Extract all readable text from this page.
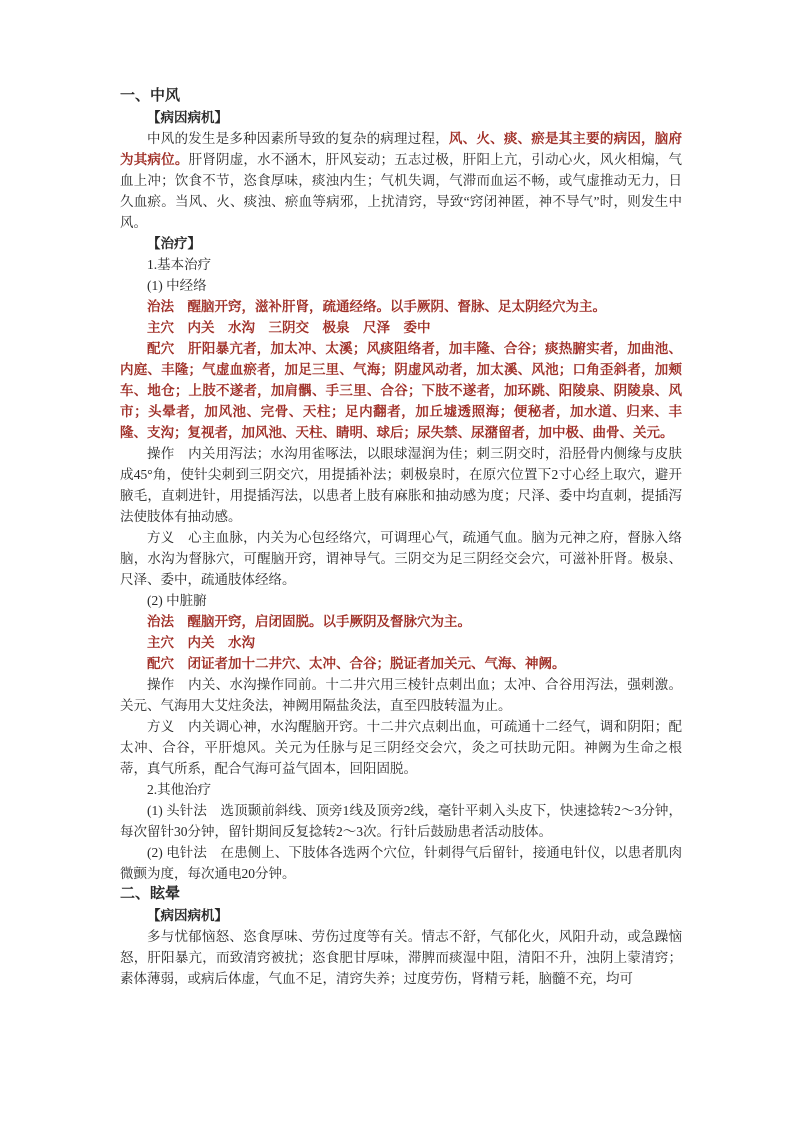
一、中风

【病因病机】

中风的发生是多种因素所导致的复杂的病理过程，风、火、痰、瘀是其主要的病因，脑府为其病位。肝肾阴虚，水不涵木，肝风妄动；五志过极，肝阳上亢，引动心火，风火相煽，气血上冲；饮食不节，恣食厚味，痰浊内生；气机失调，气滞而血运不畅，或气虚推动无力，日久血瘀。当风、火、痰浊、瘀血等病邪，上扰清窍，导致“窍闭神匿，神不导气”时，则发生中风。

【治疗】

1.基本治疗

(1) 中经络

治法　醒脑开窍，滋补肝肾，疏通经络。以手厥阴、督脉、足太阴经穴为主。

主穴　内关　水沟　三阴交　极泉　尺泽　委中

配穴　肝阳暴亢者，加太冲、太溪；风痰阻络者，加丰隆、合谷；痰热腑实者，加曲池、内庭、丰隆；气虚血瘀者，加足三里、气海；阴虚风动者，加太溪、风池；口角歪斜者，加颊车、地仓；上肢不遂者，加肩髃、手三里、合谷；下肢不遂者，加环跳、阳陵泉、阴陵泉、风市；头晕者，加风池、完骨、天柱；足内翻者，加丘墟透照海；便秘者，加水道、归来、丰隆、支沟；复视者，加风池、天柱、睛明、球后；尿失禁、尿潴留者，加中极、曲骨、关元。

操作　内关用泻法；水沟用雀啄法，以眼球湿润为佳；刺三阴交时，沿胫骨内侧缘与皮肤成45°角，使针尖刺到三阴交穴，用提插补法；刺极泉时，在原穴位置下2寸心经上取穴，避开腋毛，直刺进针，用提插泻法，以患者上肢有麻胀和抽动感为度；尺泽、委中均直刺，提插泻法使肢体有抽动感。

方义　心主血脉，内关为心包经络穴，可调理心气，疏通气血。脑为元神之府，督脉入络脑，水沟为督脉穴，可醒脑开窍，谓神导气。三阴交为足三阴经交会穴，可滋补肝肾。极泉、尺泽、委中，疏通肢体经络。

(2) 中脏腑

治法　醒脑开窍，启闭固脱。以手厥阴及督脉穴为主。

主穴　内关　水沟

配穴　闭证者加十二井穴、太冲、合谷；脱证者加关元、气海、神阙。

操作　内关、水沟操作同前。十二井穴用三棱针点刺出血；太冲、合谷用泻法，强刺激。关元、气海用大艾炷灸法，神阙用隔盐灸法，直至四肢转温为止。

方义　内关调心神，水沟醒脑开窍。十二井穴点刺出血，可疏通十二经气，调和阴阳；配太冲、合谷，平肝熄风。关元为任脉与足三阴经交会穴，灸之可扶助元阳。神阙为生命之根蒂，真气所系，配合气海可益气固本，回阳固脱。

2.其他治疗

(1) 头针法　选顶颞前斜线、顶旁1线及顶旁2线，毫针平刺入头皮下，快速捻转2～3分钟，每次留针30分钟，留针期间反复捻转2～3次。行针后鼓励患者活动肢体。

(2) 电针法　在患侧上、下肢体各选两个穴位，针刺得气后留针，接通电针仪，以患者肌肉微颤为度，每次通电20分钟。

二、眩晕

【病因病机】

多与忧郁恼怒、恣食厚味、劳伤过度等有关。情志不舒，气郁化火，风阳升动，或急躁恼怒，肝阳暴亢，而致清窍被扰；恣食肥甘厚味，滞脾而痰湿中阻，清阳不升，浊阴上蒙清窍；素体薄弱，或病后体虚，气血不足，清窍失养；过度劳伤，肾精亏耗，脑髓不充，均可
